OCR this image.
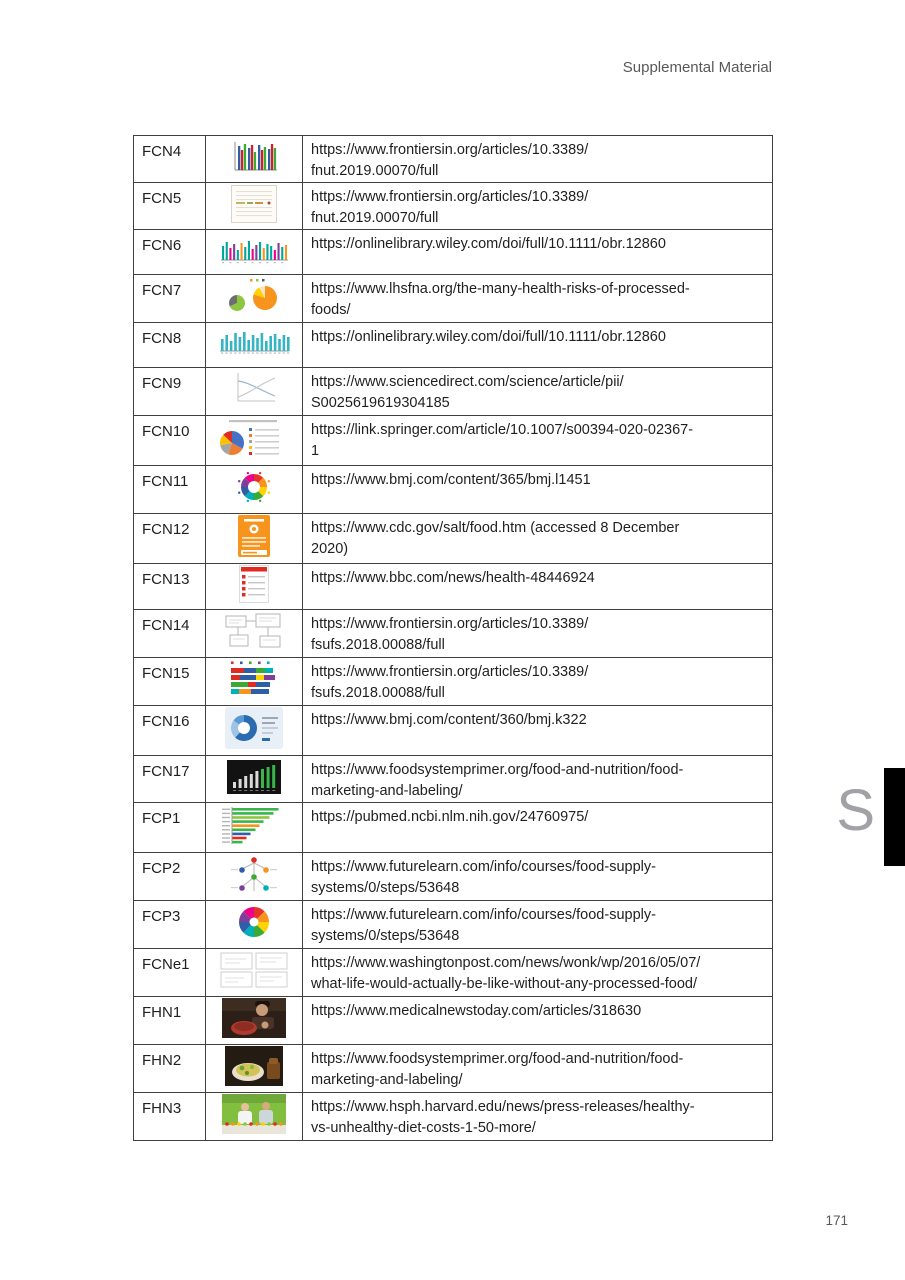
Supplemental Material
FCN4		https://www.frontiersin.org/articles/10.3389/
fnut.2019.00070/full

FCN5		https://www.frontiersin.org/articles/10.3389/
fnut.2019.00070/full

FCN6		https://onlinelibrary.wiley.com/doi/full/10.1111/obr.12860

FCN7		https://www.lhsfna.org/the-many-health-risks-of-processed-
foods/

FCN8		https://onlinelibrary.wiley.com/doi/full/10.1111/obr.12860

FCN9		https://www.sciencedirect.com/science/article/pii/
S0025619619304185

FCN10		https://link.springer.com/article/10.1007/s00394-020-02367-
1

FCN11		https://www.bmj.com/content/365/bmj.l1451

FCN12		https://www.cdc.gov/salt/food.htm (accessed 8 December
2020)

FCN13		https://www.bbc.com/news/health-48446924

FCN14		https://www.frontiersin.org/articles/10.3389/
fsufs.2018.00088/full

FCN15		https://www.frontiersin.org/articles/10.3389/
fsufs.2018.00088/full

FCN16		https://www.bmj.com/content/360/bmj.k322

FCN17		https://www.foodsystemprimer.org/food-and-nutrition/food-
marketing-and-labeling/

FCP1		https://pubmed.ncbi.nlm.nih.gov/24760975/

FCP2		https://www.futurelearn.com/info/courses/food-supply-
systems/0/steps/53648

FCP3		https://www.futurelearn.com/info/courses/food-supply-
systems/0/steps/53648

FCNe1		https://www.washingtonpost.com/news/wonk/wp/2016/05/07/
what-life-would-actually-be-like-without-any-processed-food/

FHN1		https://www.medicalnewstoday.com/articles/318630

FHN2		https://www.foodsystemprimer.org/food-and-nutrition/food-
marketing-and-labeling/

FHN3		https://www.hsph.harvard.edu/news/press-releases/healthy-
vs-unhealthy-diet-costs-1-50-more/
S
171
